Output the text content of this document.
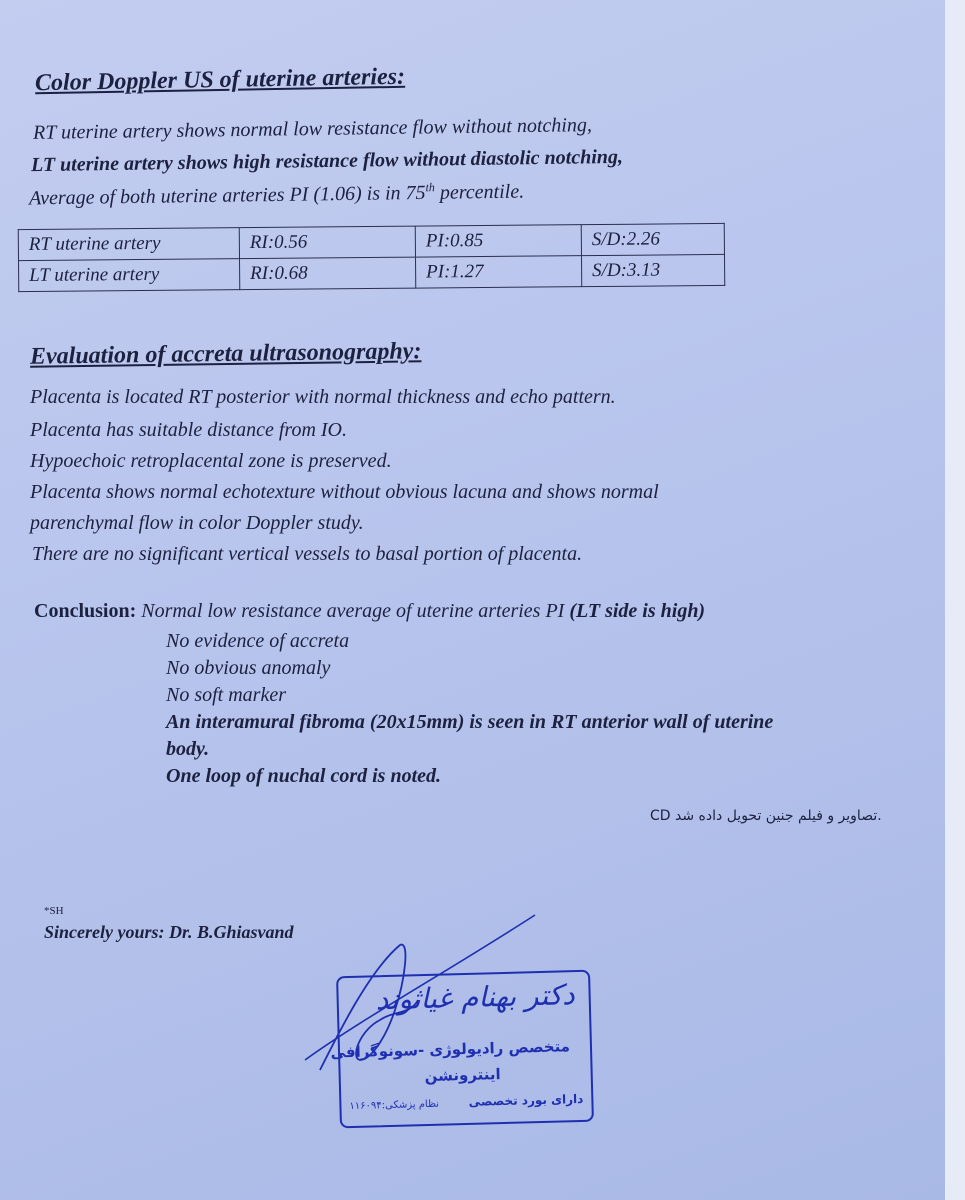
Color Doppler US of uterine arteries:
RT uterine artery shows normal low resistance flow without notching,
LT uterine artery shows high resistance flow without diastolic notching,
Average of both uterine arteries PI (1.06) is in 75th percentile.
RT uterine artery	RI:0.56	PI:0.85	S/D:2.26
LT uterine artery	RI:0.68	PI:1.27	S/D:3.13
Evaluation of accreta ultrasonography:
Placenta is located RT posterior with normal thickness and echo pattern.
Placenta has suitable distance from IO.
Hypoechoic retroplacental zone is preserved.
Placenta shows normal echotexture without obvious lacuna and shows normal
parenchymal flow in color Doppler study.
There are no significant vertical vessels to basal portion of placenta.
Conclusion: Normal low resistance average of uterine arteries PI (LT side is high)
No evidence of accreta
No obvious anomaly
No soft marker
An interamural fibroma (20x15mm) is seen in RT anterior wall of uterine
body.
One loop of nuchal cord is noted.
CD تصاویر و فیلم جنین تحویل داده شد.
*SH
Sincerely yours: Dr. B.Ghiasvand
دکتر بهنام غیاثوند
متخصص رادیولوژی -سونوگرافی
اینترونشن
دارای بورد تخصصی
نظام پزشکی:۱۱۶۰۹۴
